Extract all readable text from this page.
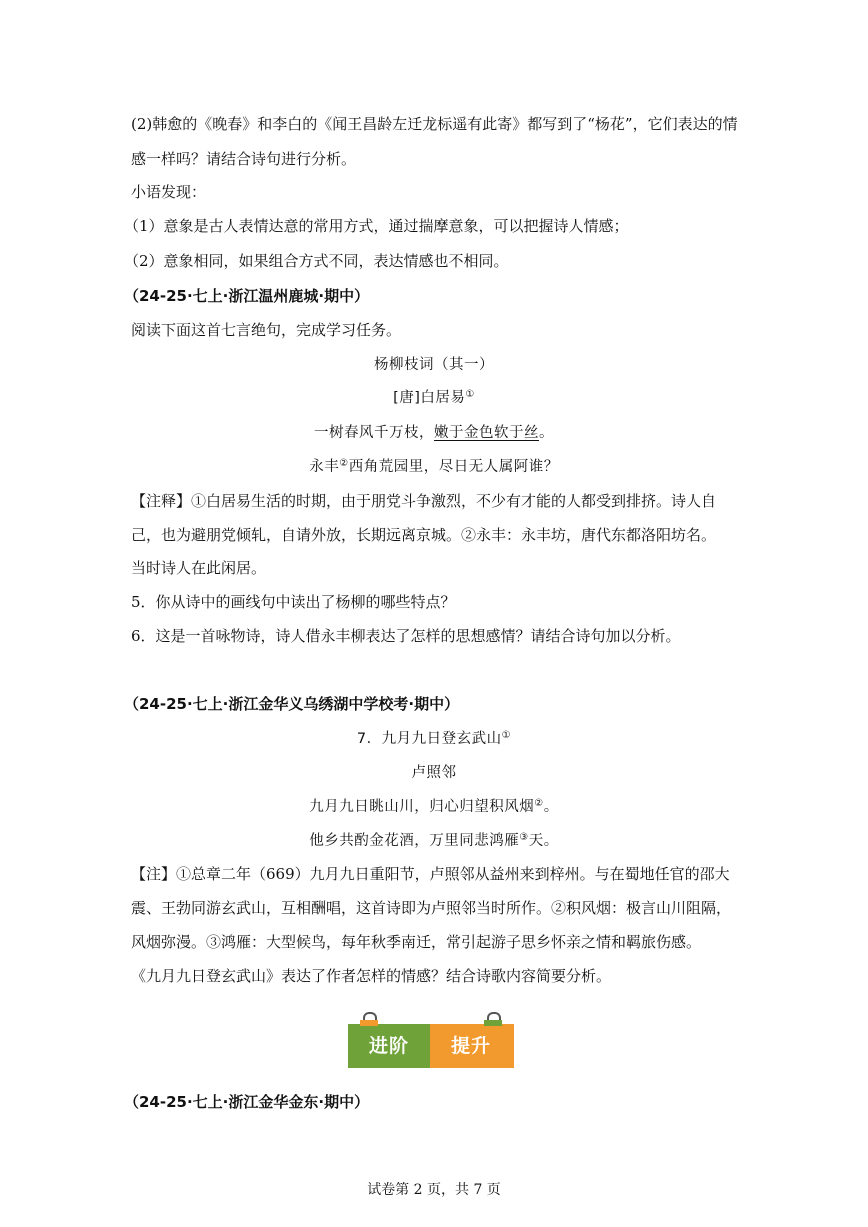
(2)韩愈的《晚春》和李白的《闻王昌龄左迁龙标遥有此寄》都写到了“杨花”，它们表达的情
感一样吗？请结合诗句进行分析。
小语发现：
（1）意象是古人表情达意的常用方式，通过揣摩意象，可以把握诗人情感；
（2）意象相同，如果组合方式不同，表达情感也不相同。
（24-25·七上·浙江温州鹿城·期中）
阅读下面这首七言绝句，完成学习任务。
杨柳枝词（其一）
[唐]白居易①
一树春风千万枝，嫩于金色软于丝。
永丰②西角荒园里，尽日无人属阿谁？
【注释】①白居易生活的时期，由于朋党斗争激烈，不少有才能的人都受到排挤。诗人自
己，也为避朋党倾轧，自请外放，长期远离京城。②永丰：永丰坊，唐代东都洛阳坊名。
当时诗人在此闲居。
5．你从诗中的画线句中读出了杨柳的哪些特点？
6．这是一首咏物诗，诗人借永丰柳表达了怎样的思想感情？请结合诗句加以分析。
（24-25·七上·浙江金华义乌绣湖中学校考·期中）
7．九月九日登玄武山①
卢照邻
九月九日眺山川，归心归望积风烟②。
他乡共酌金花酒，万里同悲鸿雁③天。
【注】①总章二年（669）九月九日重阳节，卢照邻从益州来到梓州。与在蜀地任官的邵大
震、王勃同游玄武山，互相酬唱，这首诗即为卢照邻当时所作。②积风烟：极言山川阻隔，
风烟弥漫。③鸿雁：大型候鸟，每年秋季南迁，常引起游子思乡怀亲之情和羁旅伤感。
《九月九日登玄武山》表达了作者怎样的情感？结合诗歌内容简要分析。
进阶	提升
（24-25·七上·浙江金华金东·期中）
试卷第 2 页，共 7 页
